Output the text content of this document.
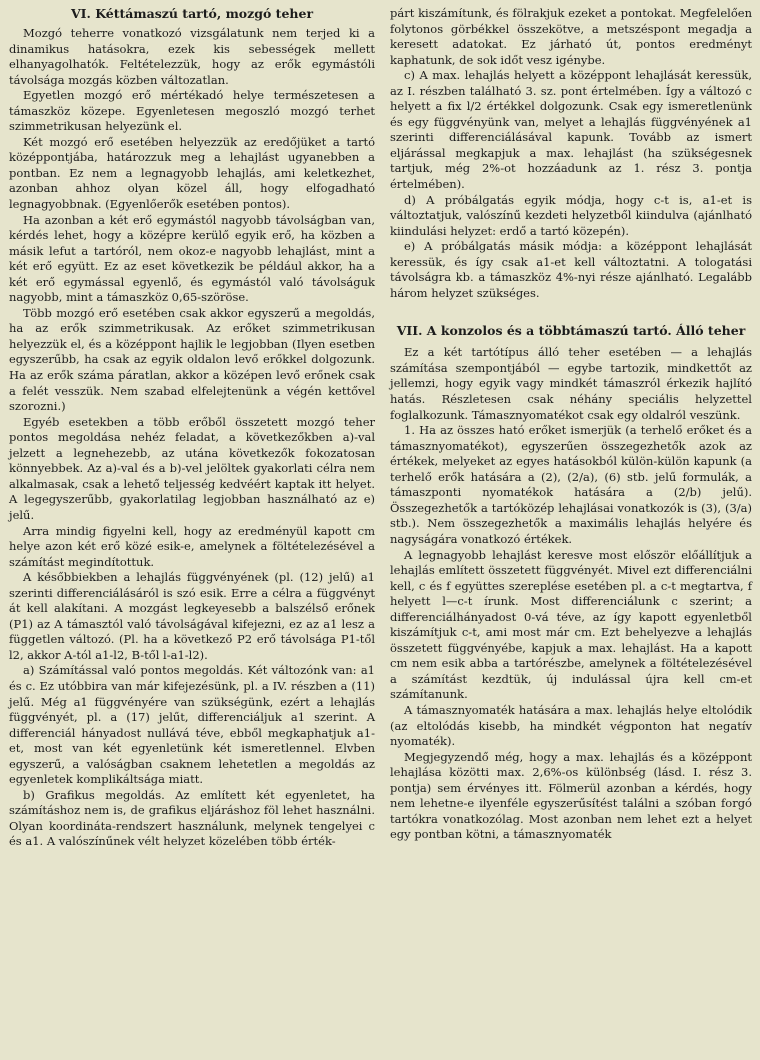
VI. Kéttámaszú tartó, mozgó teher

Mozgó teherre vonatkozó vizsgálatunk nem terjed ki a dinamikus hatásokra, ezek kis sebességek mellett elhanyagolhatók. Feltételezzük, hogy az erők egymástóli távolsága mozgás közben változatlan.

Egyetlen mozgó erő mértékadó helye természetesen a támaszköz közepe. Egyenletesen megoszló mozgó terhet szimmetrikusan helyezünk el.

Két mozgó erő esetében helyezzük az eredőjüket a tartó középpontjába, határozzuk meg a lehajlást ugyanebben a pontban. Ez nem a legnagyobb lehajlás, ami keletkezhet, azonban ahhoz olyan közel áll, hogy elfogadható legnagyobbnak. (Egyenlőerők esetében pontos).

Ha azonban a két erő egymástól nagyobb távolságban van, kérdés lehet, hogy a középre kerülő egyik erő, ha közben a másik lefut a tartóról, nem okoz-e nagyobb lehajlást, mint a két erő együtt. Ez az eset következik be például akkor, ha a két erő egymással egyenlő, és egymástól való távolságuk nagyobb, mint a támaszköz 0,65-szöröse.

Több mozgó erő esetében csak akkor egyszerű a megoldás, ha az erők szimmetrikusak. Az erőket szimmetrikusan helyezzük el, és a középpont hajlik le legjobban (Ilyen esetben egyszerűbb, ha csak az egyik oldalon levő erőkkel dolgozunk. Ha az erők száma páratlan, akkor a középen levő erőnek csak a felét vesszük. Nem szabad elfelejtenünk a végén kettővel szorozni.)

Egyéb esetekben a több erőből összetett mozgó teher pontos megoldása nehéz feladat, a következőkben a)-val jelzett a legnehezebb, az utána következők fokozatosan könnyebbek. Az a)-val és a b)-vel jelöltek gyakorlati célra nem alkalmasak, csak a lehető teljesség kedvéért kaptak itt helyet. A legegyszerűbb, gyakorlatilag legjobban használható az e) jelű.

Arra mindig figyelni kell, hogy az eredményül kapott cm helye azon két erő közé esik-e, amelynek a föltételezésével a számítást megindítottuk.

A későbbiekben a lehajlás függvényének (pl. (12) jelű) a1 szerinti differenciálásáról is szó esik. Erre a célra a függvényt át kell alakítani. A mozgást legkeyesebb a balszélső erőnek (P1) az A támasztól való távolságával kifejezni, ez az a1 lesz a független változó. (Pl. ha a következő P2 erő távolsága P1-től l2, akkor A-tól a1-l2, B-től l-a1-l2).

a) Számítással való pontos megoldás. Két változónk van: a1 és c. Ez utóbbira van már kifejezésünk, pl. a IV. részben a (11) jelű. Még a1 függvényére van szükségünk, ezért a lehajlás függvényét, pl. a (17) jelűt, differenciáljuk a1 szerint. A differenciál hányadost nullává téve, ebből megkaphatjuk a1-et, most van két egyenletünk két ismeretlennel. Elvben egyszerű, a valóságban csaknem lehetetlen a megoldás az egyenletek komplikáltsága miatt.

b) Grafikus megoldás. Az említett két egyenletet, ha számításhoz nem is, de grafikus eljáráshoz föl lehet használni. Olyan koordináta-rendszert használunk, melynek tengelyei c és a1. A valószínűnek vélt helyzet közelében több érték-

párt kiszámítunk, és fölrakjuk ezeket a pontokat. Megfelelően folytonos görbékkel összekötve, a metszéspont megadja a keresett adatokat. Ez járható út, pontos eredményt kaphatunk, de sok időt vesz igénybe.

c) A max. lehajlás helyett a középpont lehajlását keressük, az I. részben található 3. sz. pont értelmében. Így a változó c helyett a fix l/2 értékkel dolgozunk. Csak egy ismeretlenünk és egy függvényünk van, melyet a lehajlás függvényének a1 szerinti differenciálásával kapunk. Tovább az ismert eljárással megkapjuk a max. lehajlást (ha szükségesnek tartjuk, még 2%-ot hozzáadunk az 1. rész 3. pontja értelmében).

d) A próbálgatás egyik módja, hogy c-t is, a1-et is változtatjuk, valószínű kezdeti helyzetből kiindulva (ajánlható kiindulási helyzet: erdő a tartó közepén).

e) A próbálgatás másik módja: a középpont lehajlását keressük, és így csak a1-et kell változtatni. A tologatási távolságra kb. a támaszköz 4%-nyi része ajánlható. Legalább három helyzet szükséges.

VII. A konzolos és a többtámaszú tartó. Álló teher

Ez a két tartótípus álló teher esetében — a lehajlás számítása szempontjából — egybe tartozik, mindkettőt az jellemzi, hogy egyik vagy mindkét támaszról érkezik hajlító hatás. Részletesen csak néhány speciális helyzettel foglalkozunk. Támasznyomatékot csak egy oldalról veszünk.

1. Ha az összes ható erőket ismerjük (a terhelő erőket és a támasznyomatékot), egyszerűen összegezhetők azok az értékek, melyeket az egyes hatásokból külön-külön kapunk (a terhelő erők hatására a (2), (2/a), (6) stb. jelű formulák, a támaszponti nyomatékok hatására a (2/b) jelű). Összegezhetők a tartóközép lehajlásai vonatkozók is (3), (3/a) stb.). Nem összegezhetők a maximális lehajlás helyére és nagyságára vonatkozó értékek.

A legnagyobb lehajlást keresve most először előállítjuk a lehajlás említett összetett függvényét. Mivel ezt differenciálni kell, c és f együttes szereplése esetében pl. a c-t megtartva, f helyett l—c-t írunk. Most differenciálunk c szerint; a differenciálhányadost 0-vá téve, az így kapott egyenletből kiszámítjuk c-t, ami most már cm. Ezt behelyezve a lehajlás összetett függvényébe, kapjuk a max. lehajlást. Ha a kapott cm nem esik abba a tartórészbe, amelynek a föltételezésével a számítást kezdtük, új indulással újra kell cm-et számítanunk.

A támasznyomaték hatására a max. lehajlás helye eltolódik (az eltolódás kisebb, ha mindkét végponton hat negatív nyomaték).

Megjegyzendő még, hogy a max. lehajlás és a középpont lehajlása közötti max. 2,6%-os különbség (lásd. I. rész 3. pontja) sem érvényes itt. Fölmerül azonban a kérdés, hogy nem lehetne-e ilyenféle egyszerűsítést találni a szóban forgó tartókra vonatkozólag. Most azonban nem lehet ezt a helyet egy pontban kötni, a támasznyomaték
